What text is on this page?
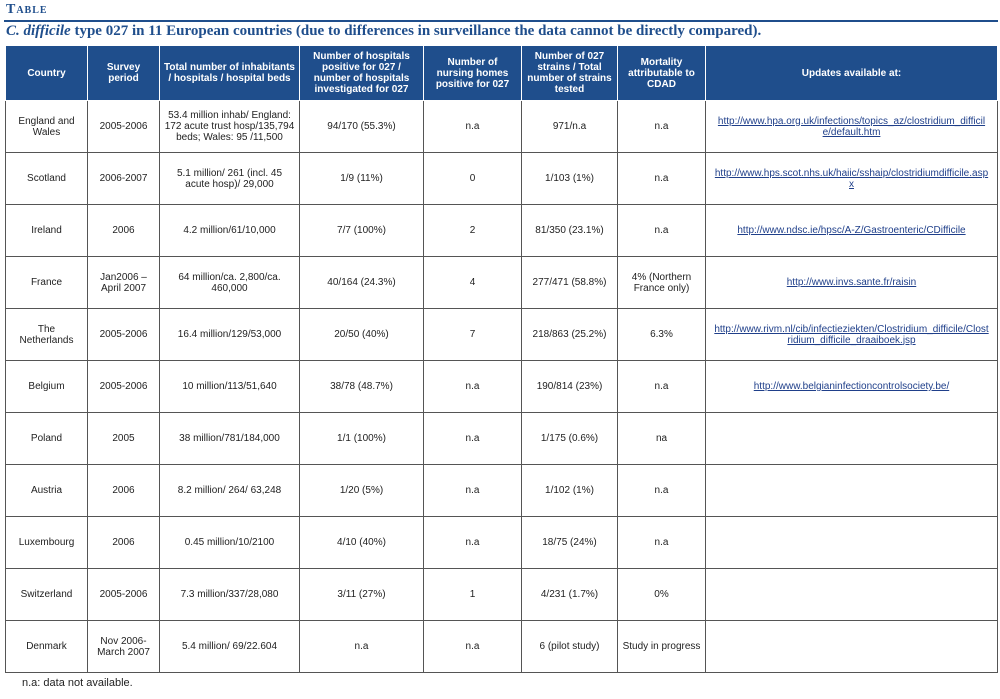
Table
C. difficile type 027 in 11 European countries (due to differences in surveillance the data cannot be directly compared).
Country	Survey period	Total number of inhabitants / hospitals / hospital beds	Number of hospitals positive for 027 / number of hospitals investigated for 027	Number of nursing homes positive for 027	Number of 027 strains / Total number of strains tested	Mortality attributable to CDAD	Updates available at:
England and Wales	2005-2006	53.4 million inhab/ England: 172 acute trust hosp/135,794 beds; Wales: 95 /11,500	94/170 (55.3%)	n.a	971/n.a	n.a	http://www.hpa.org.uk/infections/topics_az/clostridium_difficile/default.htm
Scotland	2006-2007	5.1 million/ 261 (incl. 45 acute hosp)/ 29,000	1/9 (11%)	0	1/103 (1%)	n.a	http://www.hps.scot.nhs.uk/haiic/sshaip/clostridiumdifficile.aspx
Ireland	2006	4.2 million/61/10,000	7/7 (100%)	2	81/350 (23.1%)	n.a	http://www.ndsc.ie/hpsc/A-Z/Gastroenteric/CDifficile
France	Jan2006 – April 2007	64 million/ca. 2,800/ca. 460,000	40/164 (24.3%)	4	277/471 (58.8%)	4% (Northern France only)	http://www.invs.sante.fr/raisin
The Netherlands	2005-2006	16.4 million/129/53,000	20/50 (40%)	7	218/863 (25.2%)	6.3%	http://www.rivm.nl/cib/infectieziekten/Clostridium_difficile/Clostridium_difficile_draaiboek.jsp
Belgium	2005-2006	10 million/113/51,640	38/78 (48.7%)	n.a	190/814 (23%)	n.a	http://www.belgianinfectioncontrolsociety.be/
Poland	2005	38 million/781/184,000	1/1 (100%)	n.a	1/175 (0.6%)	na	
Austria	2006	8.2 million/ 264/ 63,248	1/20 (5%)	n.a	1/102 (1%)	n.a	
Luxembourg	2006	0.45 million/10/2100	4/10 (40%)	n.a	18/75 (24%)	n.a	
Switzerland	2005-2006	7.3 million/337/28,080	3/11 (27%)	1	4/231 (1.7%)	0%	
Denmark	Nov 2006- March 2007	5.4 million/ 69/22.604	n.a	n.a	6 (pilot study)	Study in progress	
n.a: data not available.
